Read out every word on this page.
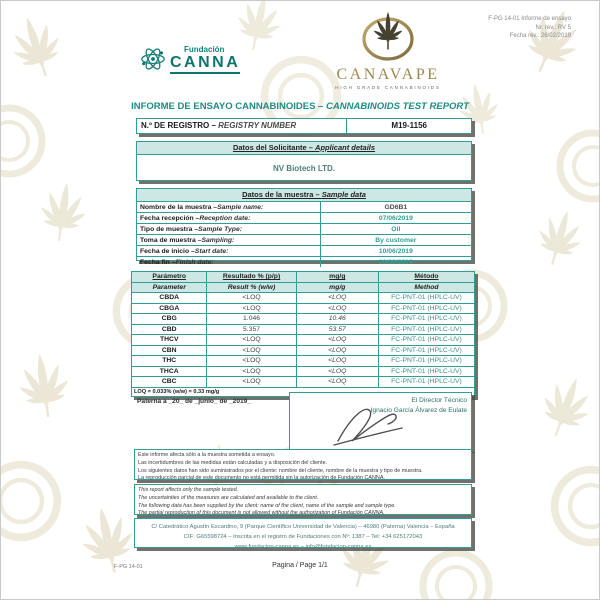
Fundación
CANNA
CANAVAPE
HIGH GRADE CANNABINOIDS
F-PG 14-01 Informe de ensayo
Nr. rev.: RV 5
Fecha rev.: 26/02/2019
INFORME DE ENSAYO CANNABINOIDES – CANNABINOIDS TEST REPORT
N.º DE REGISTRO – REGISTRY NUMBER	M19-1156
Datos del Solicitante – Applicant details
NV Biotech LTD.
Datos de la muestra – Sample data
Nombre de la muestra – Sample name:	GD6B1
Fecha recepción – Reception date:	07/06/2019
Tipo de muestra – Sample Type:	Oil
Toma de muestra – Sampling:	By customer
Fecha de inicio – Start date:	10/06/2019
Fecha fin – Finish date:	20/06/2019
Parámetro	Resultado % (p/p)	mg/g	Método
Parameter	Result % (w/w)	mg/g	Method
CBDA	<LOQ	<LOQ	FC-PNT-01 (HPLC-UV)
CBGA	<LOQ	<LOQ	FC-PNT-01 (HPLC-UV)
CBG	1.046	10.46	FC-PNT-01 (HPLC-UV)
CBD	5.357	53.57	FC-PNT-01 (HPLC-UV)
THCV	<LOQ	<LOQ	FC-PNT-01 (HPLC-UV)
CBN	<LOQ	<LOQ	FC-PNT-01 (HPLC-UV)
THC	<LOQ	<LOQ	FC-PNT-01 (HPLC-UV)
THCA	<LOQ	<LOQ	FC-PNT-01 (HPLC-UV)
CBC	<LOQ	<LOQ	FC-PNT-01 (HPLC-UV)
LOQ = 0.033% (w/w) = 0.33 mg/g
Paterna a _20_ de _junio_ de _2019_	El Director Técnico
Ignacio García Álvarez de Eulate
Este informe afecta sólo a la muestra sometida a ensayo.
Las incertidumbres de las medidas están calculadas y a disposición del cliente.
Los siguientes datos han sido suministrados por el cliente: nombre del cliente, nombre de la muestra y tipo de muestra.
La reproducción parcial de este documento no está permitida sin la autorización de Fundación CANNA.
This report affects only the sample tested.
The uncertainties of the measures are calculated and available to the client.
The following data has been supplied by the client: name of the client, name of the sample and sample type.
The partial reproduction of this document is not allowed without the authorization of Fundación CANNA.
C/ Catedrático Agustín Escardino, 9 (Parque Científico Universidad de Valencia) – 46980 (Paterna) Valencia – España
CIF: G65598724 – Inscrita en el registro de Fundaciones con Nº: 1387 – Tel: +34 625172043
www.fundacion-canna.es – info@fundacion-canna.es
F-PG 14-01	Pagina / Page 1/1
